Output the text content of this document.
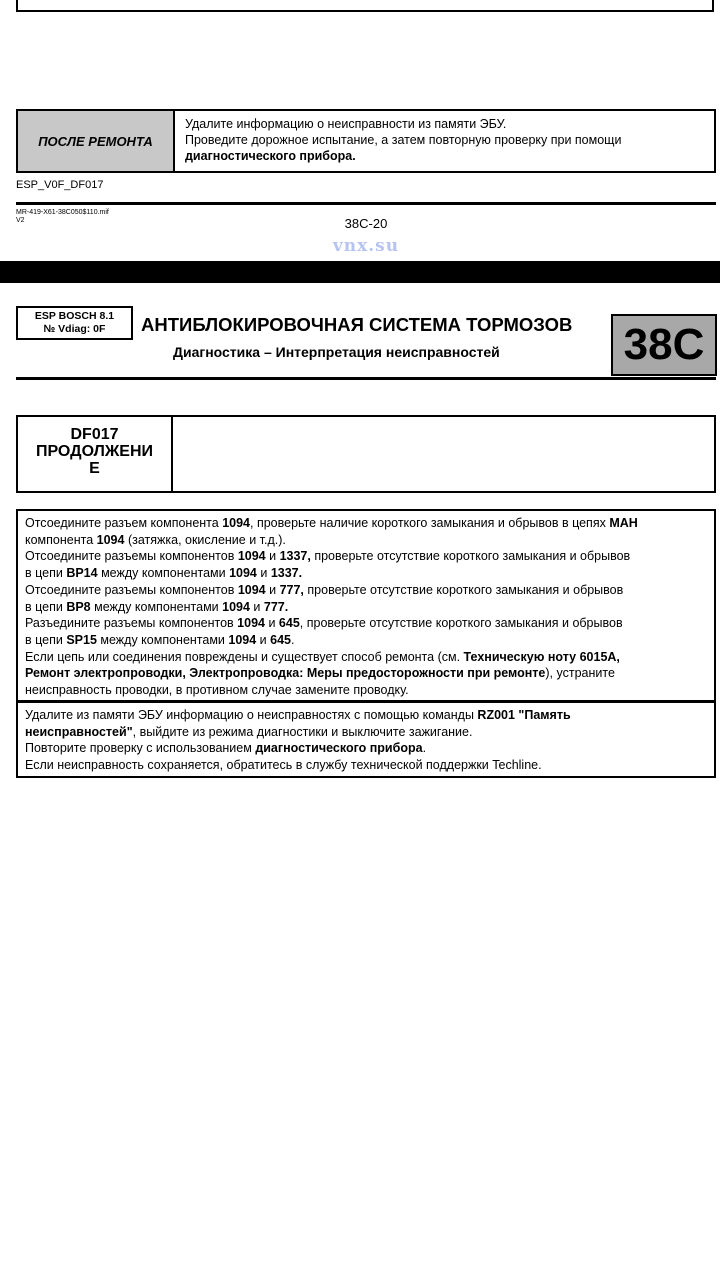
ПОСЛЕ РЕМОНТА
Удалите информацию о неисправности из памяти ЭБУ.
Проведите дорожное испытание, а затем повторную проверку при помощи
диагностического прибора.
ESP_V0F_DF017
MR-419-X61-38C050$110.mif
V2	38C-20
vnx.su
ESP BOSCH 8.1
№ Vdiag: 0F	АНТИБЛОКИРОВОЧНАЯ СИСТЕМА ТОРМОЗОВ
Диагностика – Интерпретация неисправностей	38C
DF017
ПРОДОЛЖЕНИ
Е
Отсоедините разъем компонента 1094, проверьте наличие короткого замыкания и обрывов в цепях МАН
компонента 1094 (затяжка, окисление и т.д.).
Отсоедините разъемы компонентов 1094 и 1337, проверьте отсутствие короткого замыкания и обрывов
в цепи ВР14 между компонентами 1094 и 1337.
Отсоедините разъемы компонентов 1094 и 777, проверьте отсутствие короткого замыкания и обрывов
в цепи ВР8 между компонентами 1094 и 777.
Разъедините разъемы компонентов 1094 и 645, проверьте отсутствие короткого замыкания и обрывов
в цепи SP15 между компонентами 1094 и 645.
Если цепь или соединения повреждены и существует способ ремонта (см. Техническую ноту 6015А,
Ремонт электропроводки, Электропроводка: Меры предосторожности при ремонте), устраните
неисправность проводки, в противном случае замените проводку.
Удалите из памяти ЭБУ информацию о неисправностях с помощью команды RZ001 "Память
неисправностей", выйдите из режима диагностики и выключите зажигание.
Повторите проверку с использованием диагностического прибора.
Если неисправность сохраняется, обратитесь в службу технической поддержки Techline.
